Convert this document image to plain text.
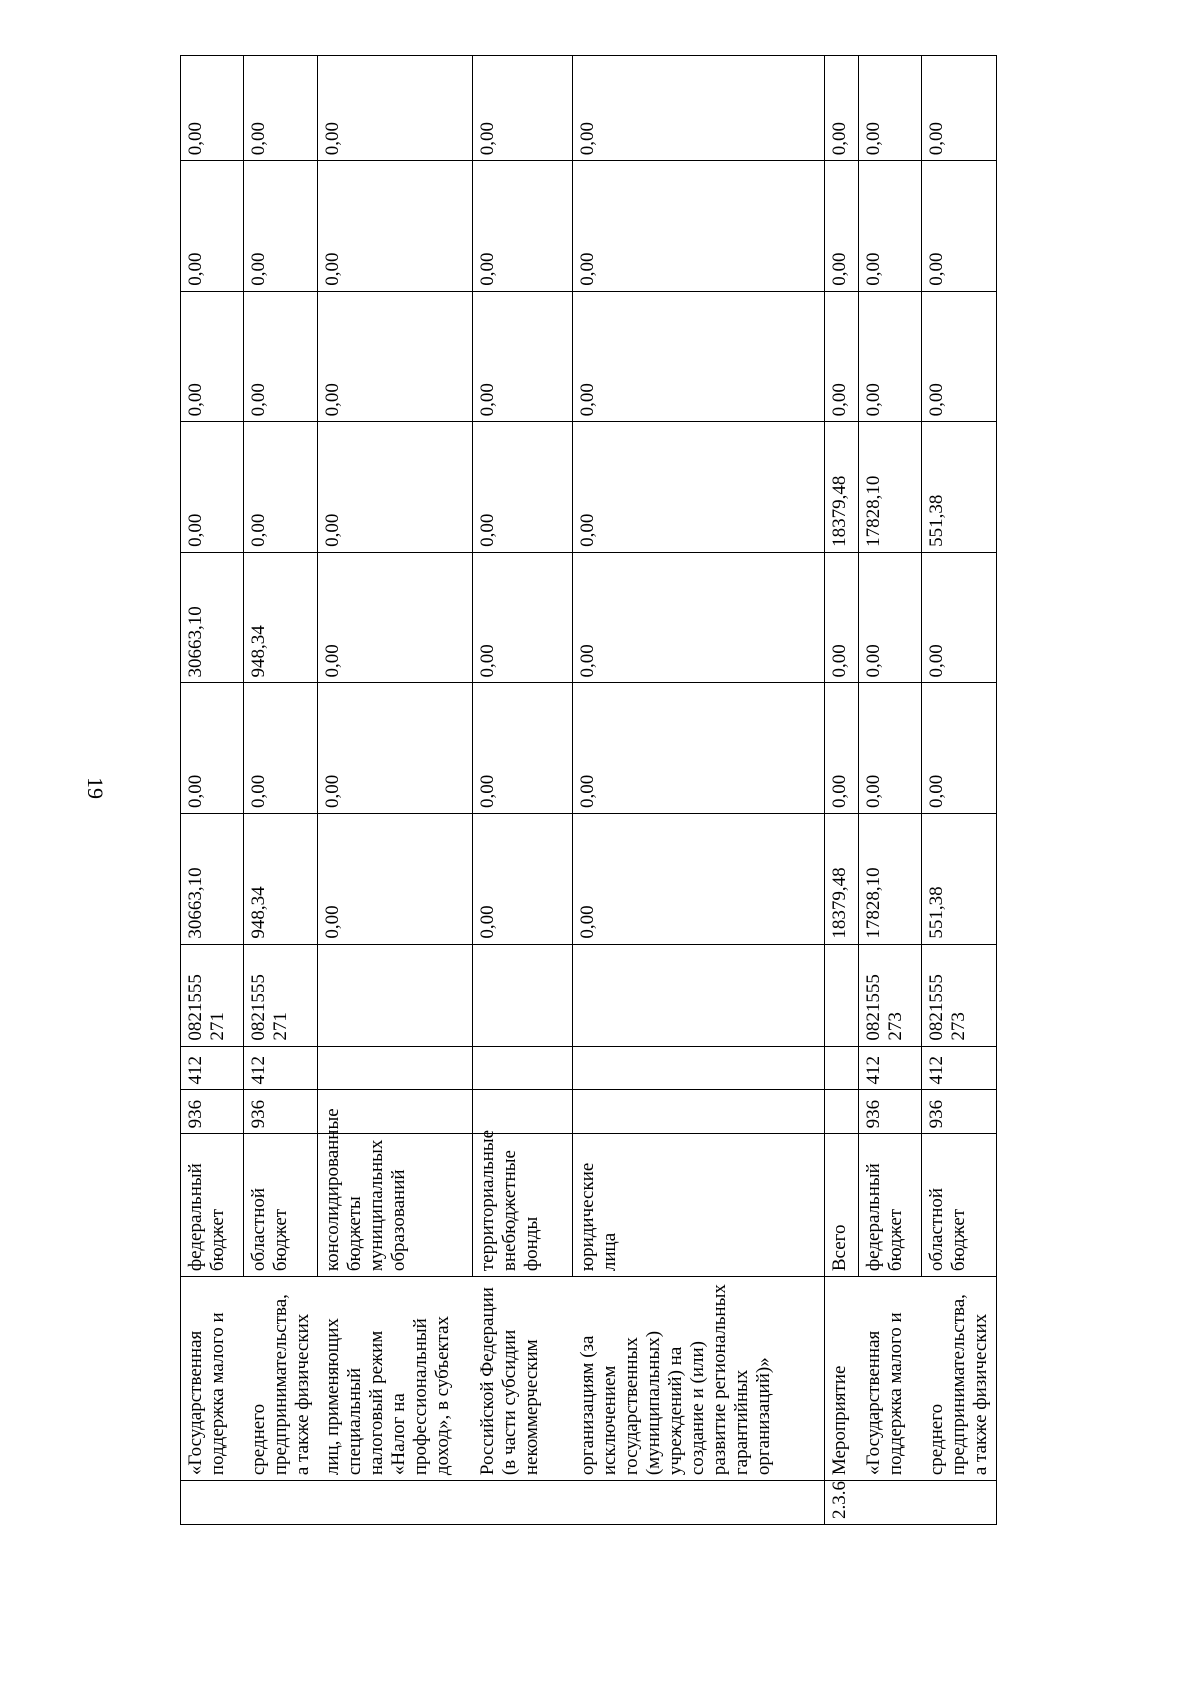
19
	«Государственная поддержка малого и	федеральный бюджет	936	412	0821555 271	30663,10	0,00	30663,10	0,00	0,00	0,00	0,00
	среднего предпринимательства, а также физических	областной бюджет	936	412	0821555 271	948,34	0,00	948,34	0,00	0,00	0,00	0,00
	лиц, применяющих специальный налоговый режим «Налог на профессиональный доход», в субъектах	консолидированные бюджеты муниципальных образований				0,00	0,00	0,00	0,00	0,00	0,00	0,00
	Российской Федерации (в части субсидии некоммерческим	территориальные внебюджетные фонды				0,00	0,00	0,00	0,00	0,00	0,00	0,00
	организациям (за исключением государственных (муниципальных) учреждений) на создание и (или) развитие региональных гарантийных организаций)»	юридические лица				0,00	0,00	0,00	0,00	0,00	0,00	0,00
2.3.6	Мероприятие	Всего				18379,48	0,00	0,00	18379,48	0,00	0,00	0,00
	«Государственная поддержка малого и	федеральный бюджет	936	412	0821555 273	17828,10	0,00	0,00	17828,10	0,00	0,00	0,00
	среднего предпринимательства, а также физических	областной бюджет	936	412	0821555 273	551,38	0,00	0,00	551,38	0,00	0,00	0,00
